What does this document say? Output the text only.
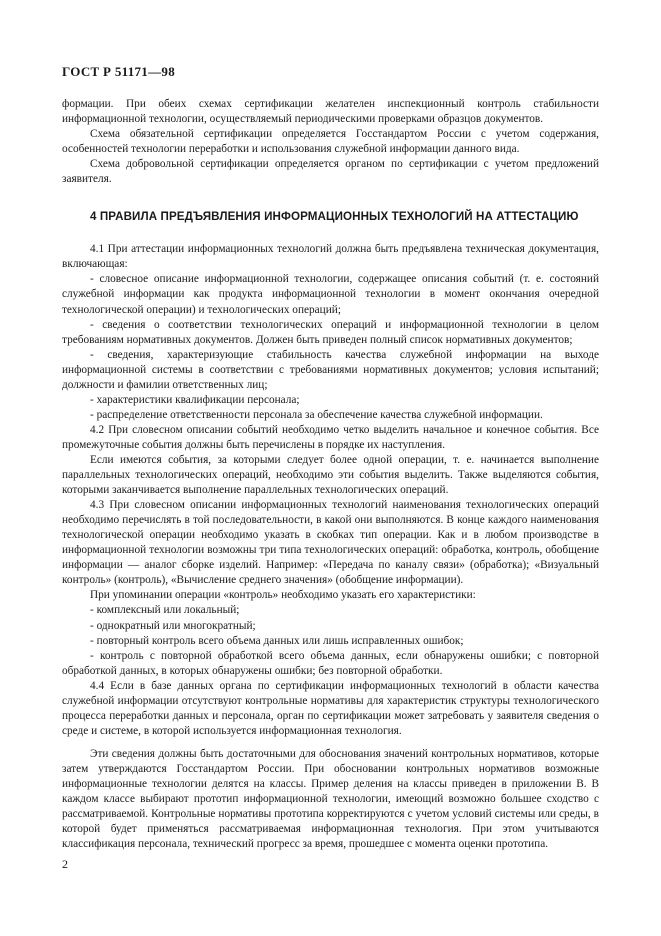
ГОСТ Р 51171—98

формации. При обеих схемах сертификации желателен инспекционный контроль стабильности информационной технологии, осуществляемый периодическими проверками образцов документов.

Схема обязательной сертификации определяется Госстандартом России с учетом содержания, особенностей технологии переработки и использования служебной информации данного вида.

Схема добровольной сертификации определяется органом по сертификации с учетом предложений заявителя.

4 ПРАВИЛА ПРЕДЪЯВЛЕНИЯ ИНФОРМАЦИОННЫХ ТЕХНОЛОГИЙ НА АТТЕСТАЦИЮ

4.1 При аттестации информационных технологий должна быть предъявлена техническая документация, включающая:

- словесное описание информационной технологии, содержащее описания событий (т. е. состояний служебной информации как продукта информационной технологии в момент окончания очередной технологической операции) и технологических операций;

- сведения о соответствии технологических операций и информационной технологии в целом требованиям нормативных документов. Должен быть приведен полный список нормативных документов;

- сведения, характеризующие стабильность качества служебной информации на выходе информационной системы в соответствии с требованиями нормативных документов; условия испытаний; должности и фамилии ответственных лиц;

- характеристики квалификации персонала;

- распределение ответственности персонала за обеспечение качества служебной информации.

4.2 При словесном описании событий необходимо четко выделить начальное и конечное события. Все промежуточные события должны быть перечислены в порядке их наступления.

Если имеются события, за которыми следует более одной операции, т. е. начинается выполнение параллельных технологических операций, необходимо эти события выделить. Также выделяются события, которыми заканчивается выполнение параллельных технологических операций.

4.3 При словесном описании информационных технологий наименования технологических операций необходимо перечислять в той последовательности, в какой они выполняются. В конце каждого наименования технологической операции необходимо указать в скобках тип операции. Как и в любом производстве в информационной технологии возможны три типа технологических операций: обработка, контроль, обобщение информации — аналог сборке изделий. Например: «Передача по каналу связи» (обработка); «Визуальный контроль» (контроль), «Вычисление среднего значения» (обобщение информации).

При упоминании операции «контроль» необходимо указать его характеристики:

- комплексный или локальный;

- однократный или многократный;

- повторный контроль всего объема данных или лишь исправленных ошибок;

- контроль с повторной обработкой всего объема данных, если обнаружены ошибки; с повторной обработкой данных, в которых обнаружены ошибки; без повторной обработки.

4.4 Если в базе данных органа по сертификации информационных технологий в области качества служебной информации отсутствуют контрольные нормативы для характеристик структуры технологического процесса переработки данных и персонала, орган по сертификации может затребовать у заявителя сведения о среде и системе, в которой используется информационная технология.

Эти сведения должны быть достаточными для обоснования значений контрольных нормативов, которые затем утверждаются Госстандартом России. При обосновании контрольных нормативов возможные информационные технологии делятся на классы. Пример деления на классы приведен в приложении В. В каждом классе выбирают прототип информационной технологии, имеющий возможно большее сходство с рассматриваемой. Контрольные нормативы прототипа корректируются с учетом условий системы или среды, в которой будет применяться рассматриваемая информационная технология. При этом учитываются классификация персонала, технический прогресс за время, прошедшее с момента оценки прототипа.

2
